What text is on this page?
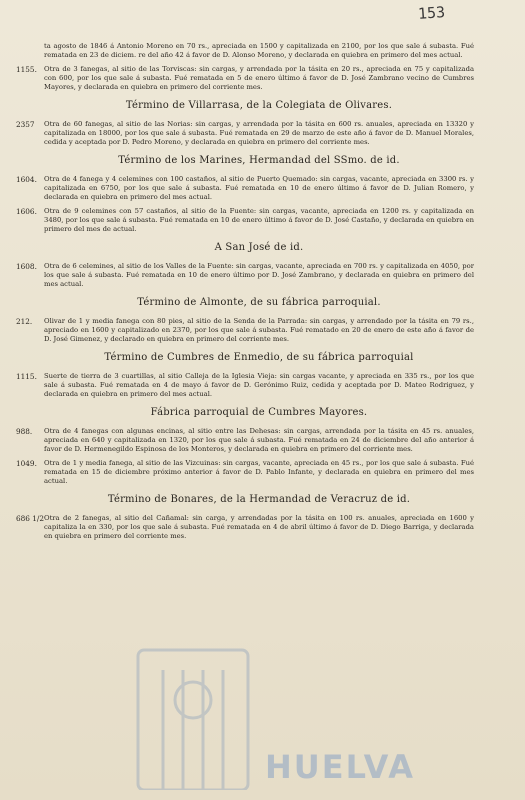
153
ta agosto de 1846 á Antonio Moreno en 70 rs., apreciada en 1500 y capitalizada en 2100, por los que sale á subasta. Fué rematada en 23 de diciem. re del año 42 á favor de D. Alonso Moreno, y declarada en quiebra en primero del mes actual.
1155. Otra de 3 fanegas, al sitio de las Torviscas: sin cargas, y arrendada por la tásita en 20 rs., apreciada en 75 y capitalizada con 600, por los que sale á subasta. Fué rematada en 5 de enero último á favor de D. José Zambrano vecino de Cumbres Mayores, y declarada en quiebra en primero del corriente mes.
Término de Villarrasa, de la Colegiata de Olivares.
2357 Otra de 60 fanegas, al sitio de las Norias: sin cargas, y arrendada por la tásita en 600 rs. anuales, apreciada en 13320 y capitalizada en 18000, por los que sale á subasta. Fué rematada en 29 de marzo de este año á favor de D. Manuel Morales, cedida y aceptada por D. Pedro Moreno, y declarada en quiebra en primero del corriente mes.
Término de los Marines, Hermandad del SSmo. de id.
1604. Otra de 4 fanega y 4 celemines con 100 castaños, al sitio de Puerto Quemado: sin cargas, vacante, apreciada en 3300 rs. y capitalizada en 6750, por los que sale á subasta. Fué rematada en 10 de enero último á favor de D. Julian Romero, y declarada en quiebra en primero del mes actual.
1606. Otra de 9 celemines con 57 castaños, al sitio de la Fuente: sin cargas, vacante, apreciada en 1200 rs. y capitalizada en 3480, por los que sale á subasta. Fué rematada en 10 de enero último á favor de D. José Castaño, y declarada en quiebra en primero del mes de actual.
A San José de id.
1608. Otra de 6 celemines, al sitio de los Valles de la Fuente: sin cargas, vacante, apreciada en 700 rs. y capitalizada en 4050, por los que sale á subasta. Fué rematada en 10 de enero último por D. José Zambrano, y declarada en quiebra en primero del mes actual.
Término de Almonte, de su fábrica parroquial.
212. Olivar de 1 y media fanega con 80 pies, al sitio de la Senda de la Parrada: sin cargas, y arrendado por la tásita en 79 rs., apreciado en 1600 y capitalizado en 2370, por los que sale á subasta. Fué rematado en 20 de enero de este año á favor de D. José Gimenez, y declarado en quiebra en primero del corriente mes.
Término de Cumbres de Enmedio, de su fábrica parroquial
1115. Suerte de tierra de 3 cuartillas, al sitio Calleja de la Iglesia Vieja: sin cargas vacante, y apreciada en 335 rs., por los que sale á subasta. Fué rematada en 4 de mayo á favor de D. Gerónimo Ruiz, cedida y aceptada por D. Mateo Rodriguez, y declarada en quiebra en primero del mes actual.
Fábrica parroquial de Cumbres Mayores.
988. Otra de 4 fanegas con algunas encinas, al sitio entre las Dehesas: sin cargas, arrendada por la tásita en 45 rs. anuales, apreciada en 640 y capitalizada en 1320, por los que sale á subasta. Fué rematada en 24 de diciembre del año anterior á favor de D. Hermenegildo Espinosa de los Monteros, y declarada en quiebra en primero del corriente mes.
1049. Otra de 1 y media fanega, al sitio de las Vizcuinas: sin cargas, vacante, apreciada en 45 rs., por los que sale á subasta. Fué rematada en 15 de diciembre próximo anterior á favor de D. Pablo Infante, y declarada en quiebra en primero del mes actual.
Término de Bonares, de la Hermandad de Veracruz de id.
686 1/2 Otra de 2 fanegas, al sitio del Cañamal: sin carga, y arrendadas por la tásita en 100 rs. anuales, apreciada en 1600 y capitaliza la en 330, por los que sale á subasta. Fué rematada en 4 de abril último á favor de D. Diego Barriga, y declarada en quiebra en primero del corriente mes.
HUELVA
